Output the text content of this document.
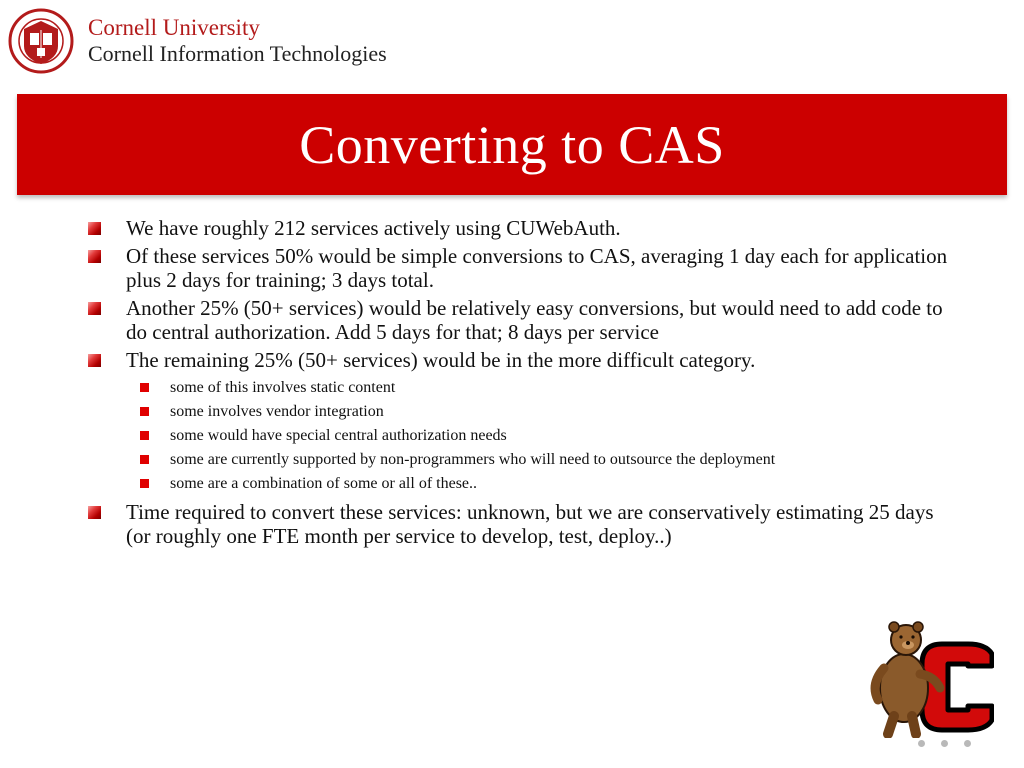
Cornell University
Cornell Information Technologies
Converting to CAS
We have roughly 212 services actively using CUWebAuth.
Of these services 50% would be simple conversions to CAS, averaging 1 day each for application plus 2 days for training; 3 days total.
Another 25% (50+ services) would be relatively easy conversions, but would need to add code to do central authorization. Add 5 days for that; 8 days per service
The remaining 25% (50+ services) would be in the more difficult category.
some of this involves static content
some involves vendor integration
some would have special central authorization needs
some are currently supported by non-programmers who will need to outsource the deployment
some are a combination of some or all of these..
Time required to convert these services: unknown, but we are conservatively estimating 25 days (or roughly one FTE month per service to develop, test, deploy..)
